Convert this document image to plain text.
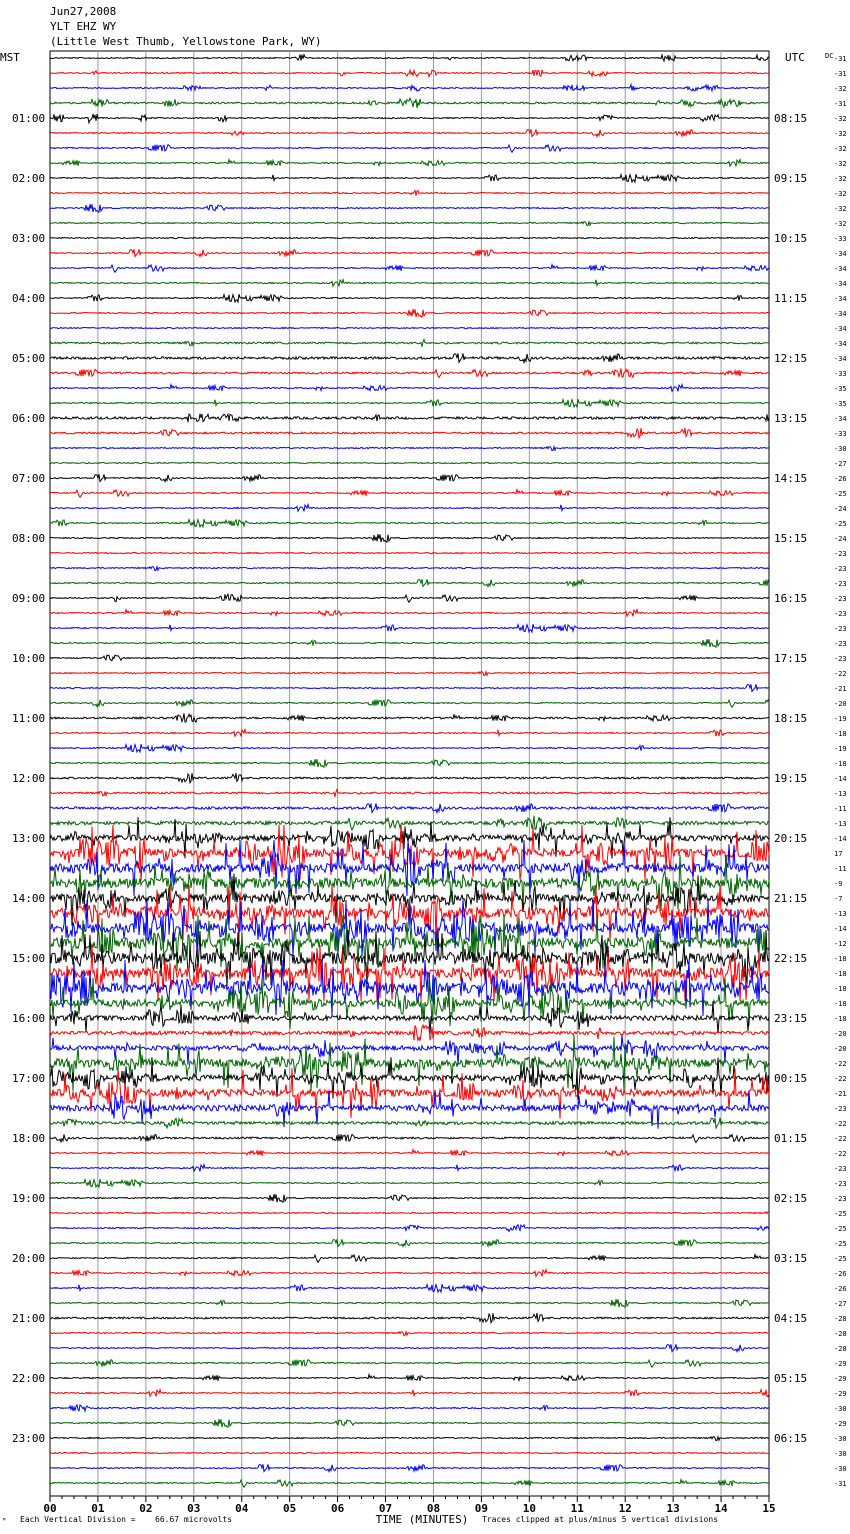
Jun27,2008
YLT EHZ WY
(Little West Thumb, Yellowstone Park, WY)
00	01	02	03	04	05	06	07	08	09	10	11	12	13	14	15
TIME (MINUTES)
MST	UTC	DC -31
-31
-32
-31
-32
01:00	08:15
-32
-32
-32
-32
02:00	09:15
-32
-32
-32
-33
03:00	10:15
-34
-34
-34
-34
04:00	11:15
-34
-34
-34
-34
05:00	12:15
-33
-35
-35
-34
06:00	13:15
-33
-30
-27
-26
07:00	14:15
-25
-24
-25
-24
08:00	15:15
-23
-23
-23
-23
09:00	16:15
-23
-23
-23
-23
10:00	17:15
-22
-21
-20
-19
11:00	18:15
-18
-19
-18
-14
12:00	19:15
-13
-11
-13
-14
13:00	20:15
17
-11
-9
-7
14:00	21:15
-13
-14
-12
-18
15:00	22:15
-18
-18
-18
-18
16:00	23:15
-20
-20
-22
-22
17:00	00:15
-21
-23
-22
-22
18:00	01:15
-22
-23
-23
-23
19:00	02:15
-25
-25
-25
-25
20:00	03:15
-26
-26
-27
-28
21:00	04:15
-28
-28
-29
-29
22:00	05:15
-29
-30
-29
-30
23:00	06:15
-30
-30
-31
ᴹ Each Vertical Division = 66.67 microvolts	Traces clipped at plus/minus 5 vertical divisions
